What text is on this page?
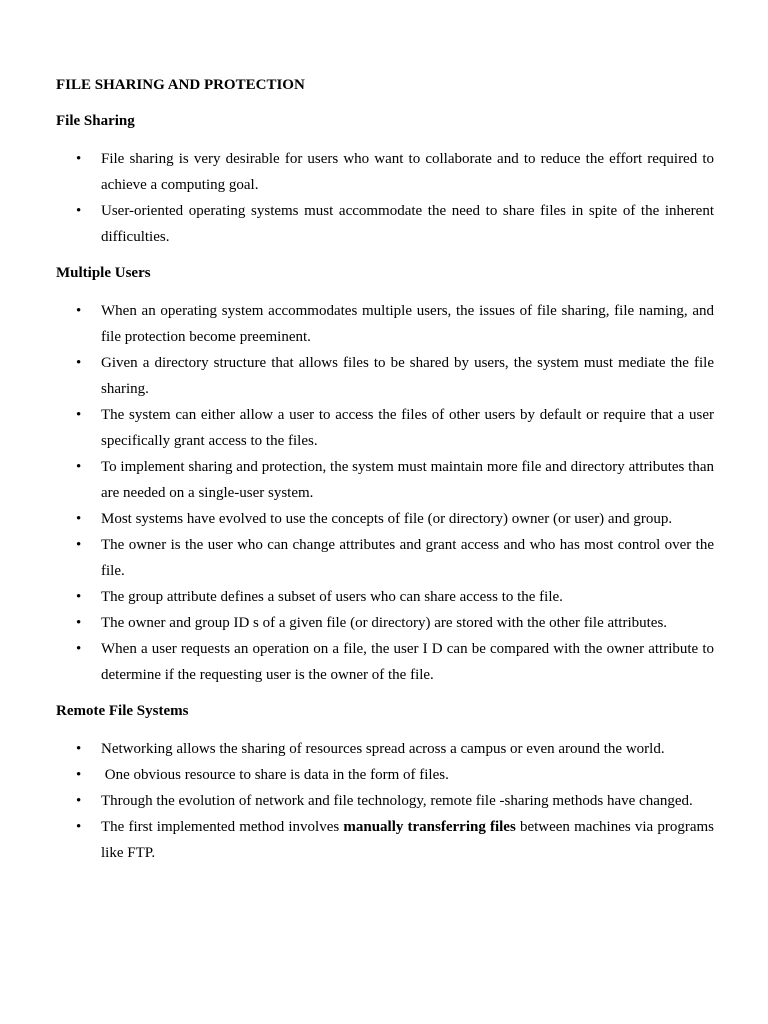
FILE SHARING AND PROTECTION
File Sharing
• File sharing is very desirable for users who want to collaborate and to reduce the effort required to achieve a computing goal.
• User-oriented operating systems must accommodate the need to share files in spite of the inherent difficulties.
Multiple Users
• When an operating system accommodates multiple users, the issues of file sharing, file naming, and file protection become preeminent.
• Given a directory structure that allows files to be shared by users, the system must mediate the file sharing.
• The system can either allow a user to access the files of other users by default or require that a user specifically grant access to the files.
• To implement sharing and protection, the system must maintain more file and directory attributes than are needed on a single-user system.
• Most systems have evolved to use the concepts of file (or directory) owner (or user) and group.
• The owner is the user who can change attributes and grant access and who has most control over the file.
• The group attribute defines a subset of users who can share access to the file.
• The owner and group ID s of a given file (or directory) are stored with the other file attributes.
• When a user requests an operation on a file, the user I D can be compared with the owner attribute to determine if the requesting user is the owner of the file.
Remote File Systems
• Networking allows the sharing of resources spread across a campus or even around the world.
• One obvious resource to share is data in the form of files.
• Through the evolution of network and file technology, remote file -sharing methods have changed.
• The first implemented method involves manually transferring files between machines via programs like FTP.
